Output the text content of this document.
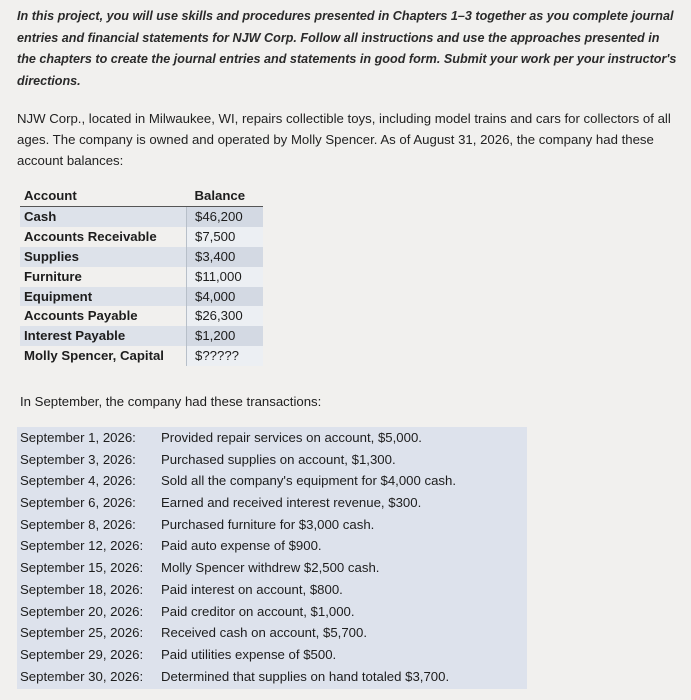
In this project, you will use skills and procedures presented in Chapters 1–3 together as you complete journal entries and financial statements for NJW Corp. Follow all instructions and use the approaches presented in the chapters to create the journal entries and statements in good form. Submit your work per your instructor's directions.
NJW Corp., located in Milwaukee, WI, repairs collectible toys, including model trains and cars for collectors of all ages. The company is owned and operated by Molly Spencer. As of August 31, 2026, the company had these account balances:
Account	Balance
Cash	$46,200
Accounts Receivable	$7,500
Supplies	$3,400
Furniture	$11,000
Equipment	$4,000
Accounts Payable	$26,300
Interest Payable	$1,200
Molly Spencer, Capital	$?????
In September, the company had these transactions:
September 1, 2026:	Provided repair services on account, $5,000.
September 3, 2026:	Purchased supplies on account, $1,300.
September 4, 2026:	Sold all the company's equipment for $4,000 cash.
September 6, 2026:	Earned and received interest revenue, $300.
September 8, 2026:	Purchased furniture for $3,000 cash.
September 12, 2026:	Paid auto expense of $900.
September 15, 2026:	Molly Spencer withdrew $2,500 cash.
September 18, 2026:	Paid interest on account, $800.
September 20, 2026:	Paid creditor on account, $1,000.
September 25, 2026:	Received cash on account, $5,700.
September 29, 2026:	Paid utilities expense of $500.
September 30, 2026:	Determined that supplies on hand totaled $3,700.
